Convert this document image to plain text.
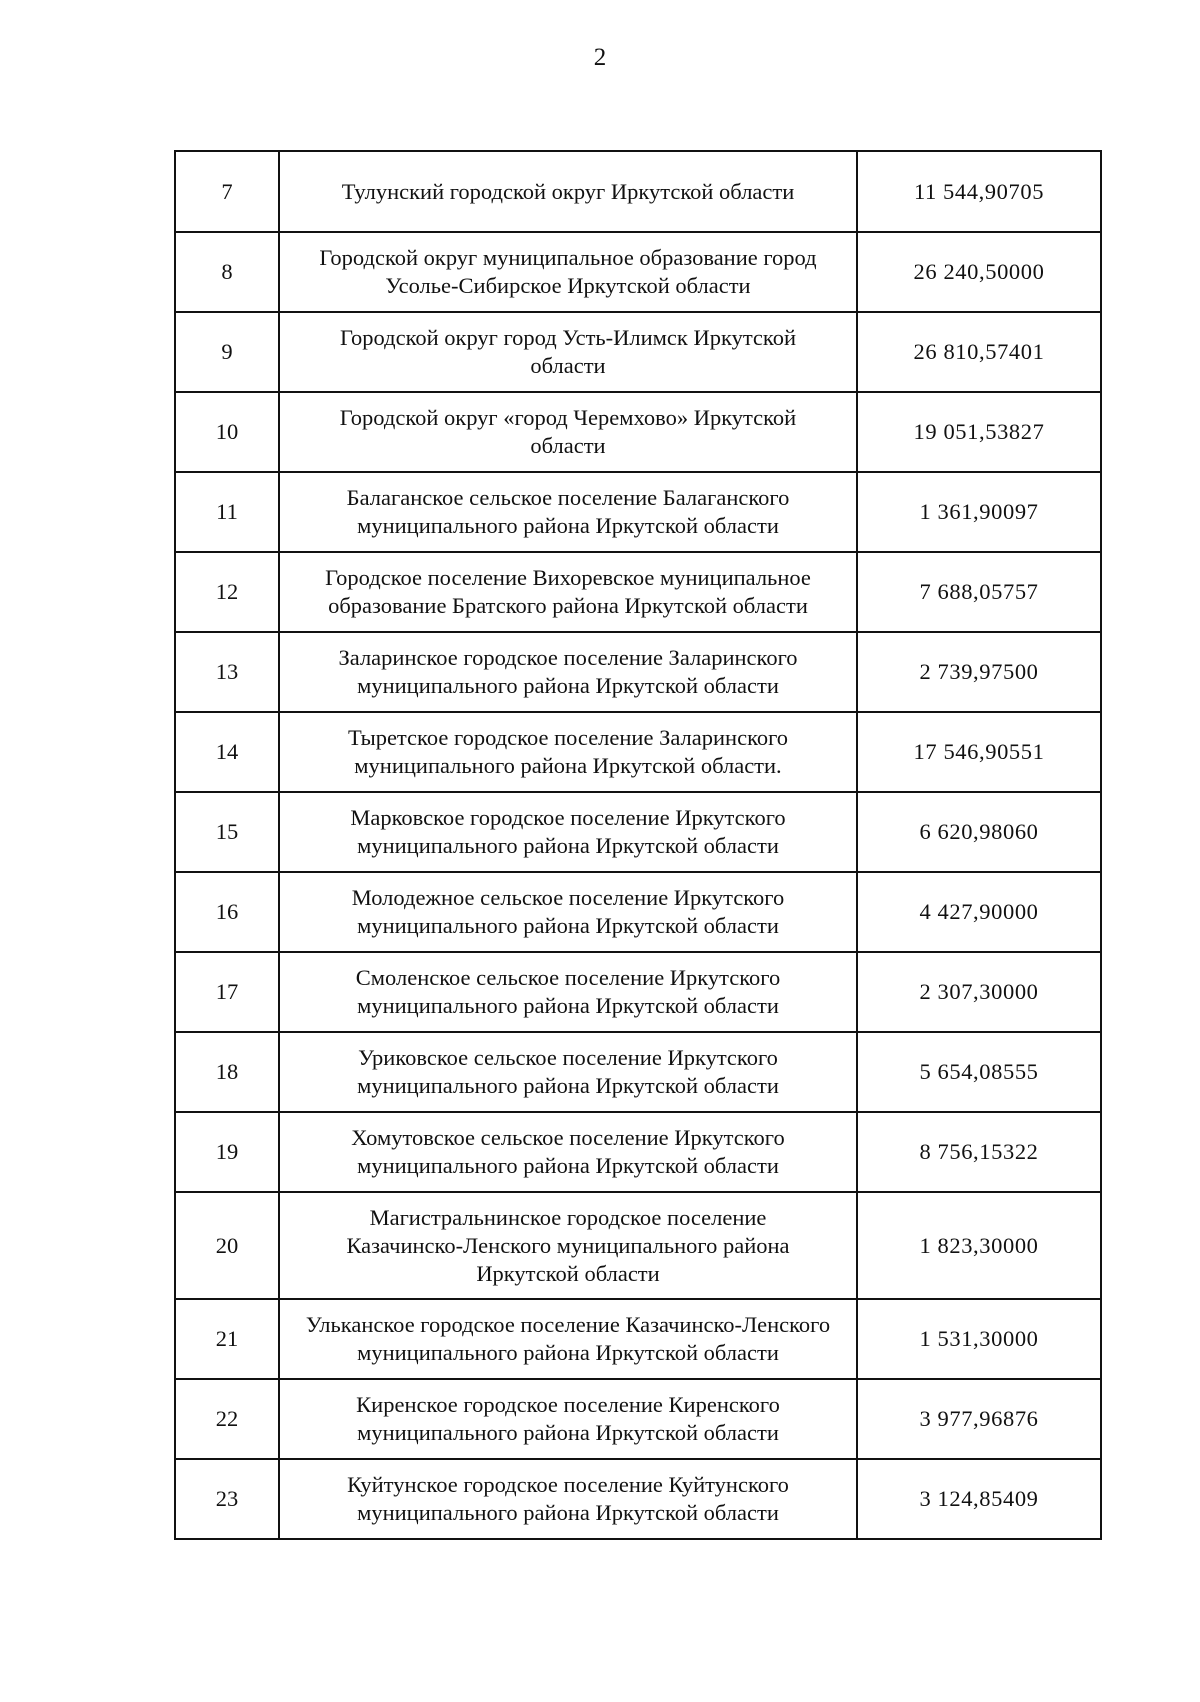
2
7	Тулунский городской округ Иркутской области	11 544,90705
8	Городской округ муниципальное образование город Усолье-Сибирское Иркутской области	26 240,50000
9	Городской округ город Усть-Илимск Иркутской области	26 810,57401
10	Городской округ «город Черемхово» Иркутской области	19 051,53827
11	Балаганское сельское поселение Балаганского муниципального района Иркутской области	1 361,90097
12	Городское поселение Вихоревское муниципальное образование Братского района Иркутской области	7 688,05757
13	Заларинское городское поселение Заларинского муниципального района Иркутской области	2 739,97500
14	Тыретское городское поселение Заларинского муниципального района Иркутской области.	17 546,90551
15	Марковское городское поселение Иркутского муниципального района Иркутской области	6 620,98060
16	Молодежное сельское поселение Иркутского муниципального района Иркутской области	4 427,90000
17	Смоленское сельское поселение Иркутского муниципального района Иркутской области	2 307,30000
18	Уриковское сельское поселение Иркутского муниципального района Иркутской области	5 654,08555
19	Хомутовское сельское поселение Иркутского муниципального района Иркутской области	8 756,15322
20	Магистральнинское городское поселение Казачинско-Ленского муниципального района Иркутской области	1 823,30000
21	Ульканское городское поселение Казачинско-Ленского муниципального района Иркутской области	1 531,30000
22	Киренское городское поселение Киренского муниципального района Иркутской области	3 977,96876
23	Куйтунское городское поселение Куйтунского муниципального района Иркутской области	3 124,85409
